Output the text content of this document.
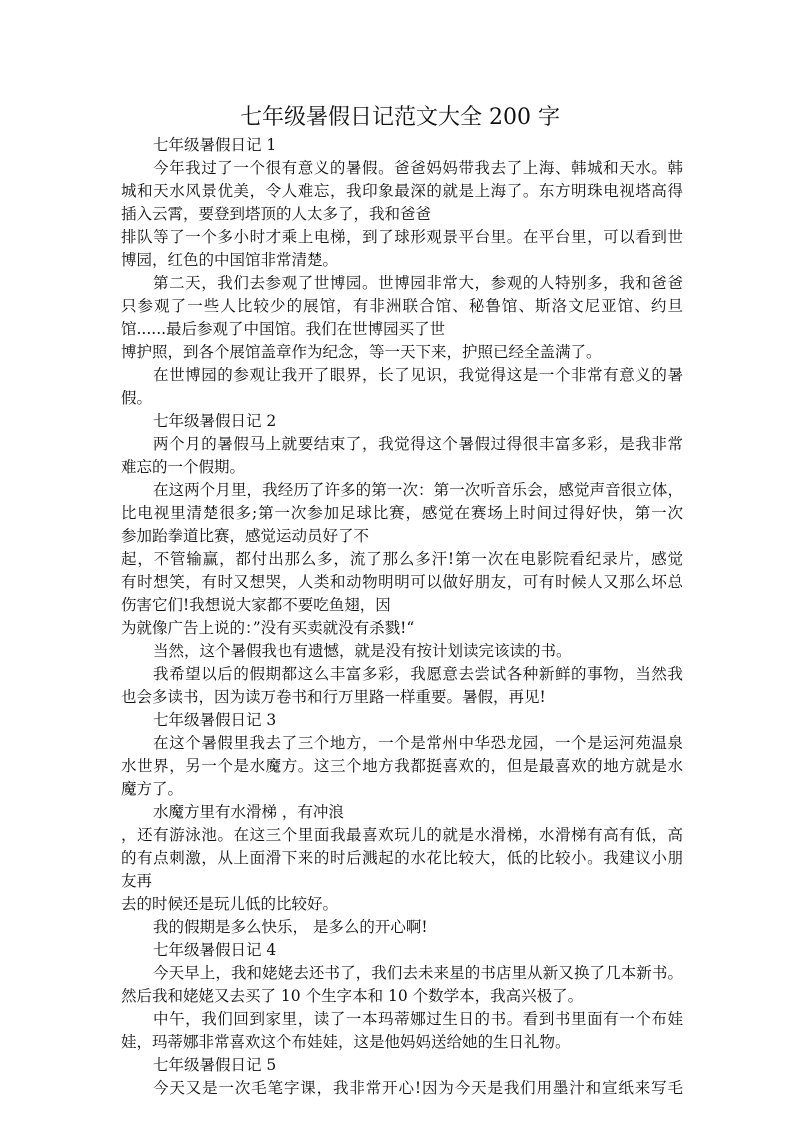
七年级暑假日记范文大全 200 字
七年级暑假日记 1
今年我过了一个很有意义的暑假。爸爸妈妈带我去了上海、韩城和天水。韩
城和天水风景优美，令人难忘，我印象最深的就是上海了。东方明珠电视塔高得
插入云霄，要登到塔顶的人太多了，我和爸爸
排队等了一个多小时才乘上电梯，到了球形观景平台里。在平台里，可以看到世
博园，红色的中国馆非常清楚。
第二天，我们去参观了世博园。世博园非常大，参观的人特别多，我和爸爸
只参观了一些人比较少的展馆，有非洲联合馆、秘鲁馆、斯洛文尼亚馆、约旦
馆......最后参观了中国馆。我们在世博园买了世
博护照，到各个展馆盖章作为纪念，等一天下来，护照已经全盖满了。
在世博园的参观让我开了眼界，长了见识，我觉得这是一个非常有意义的暑
假。
七年级暑假日记 2
两个月的暑假马上就要结束了，我觉得这个暑假过得很丰富多彩，是我非常
难忘的一个假期。
在这两个月里，我经历了许多的第一次：第一次听音乐会，感觉声音很立体，
比电视里清楚很多;第一次参加足球比赛，感觉在赛场上时间过得好快，第一次
参加跆拳道比赛，感觉运动员好了不
起，不管输赢，都付出那么多，流了那么多汗!第一次在电影院看纪录片，感觉
有时想笑，有时又想哭，人类和动物明明可以做好朋友，可有时候人又那么坏总
伤害它们!我想说大家都不要吃鱼翅，因
为就像广告上说的：”没有买卖就没有杀戮!“
当然，这个暑假我也有遗憾，就是没有按计划读完该读的书。
我希望以后的假期都这么丰富多彩，我愿意去尝试各种新鲜的事物，当然我
也会多读书，因为读万卷书和行万里路一样重要。暑假，再见!
七年级暑假日记 3
在这个暑假里我去了三个地方，一个是常州中华恐龙园，一个是运河苑温泉
水世界，另一个是水魔方。这三个地方我都挺喜欢的，但是最喜欢的地方就是水
魔方了。
水魔方里有水滑梯 ，有冲浪
，还有游泳池。在这三个里面我最喜欢玩儿的就是水滑梯，水滑梯有高有低，高
的有点刺激，从上面滑下来的时后溅起的水花比较大，低的比较小。我建议小朋
友再
去的时候还是玩儿低的比较好。
我的假期是多么快乐， 是多么的开心啊!
七年级暑假日记 4
今天早上，我和姥姥去还书了，我们去未来星的书店里从新又换了几本新书。
然后我和姥姥又去买了 10 个生字本和 10 个数学本，我高兴极了。
中午，我们回到家里，读了一本玛蒂娜过生日的书。看到书里面有一个布娃
娃，玛蒂娜非常喜欢这个布娃娃，这是他妈妈送给她的生日礼物。
七年级暑假日记 5
今天又是一次毛笔字课，我非常开心!因为今天是我们用墨汁和宣纸来写毛
